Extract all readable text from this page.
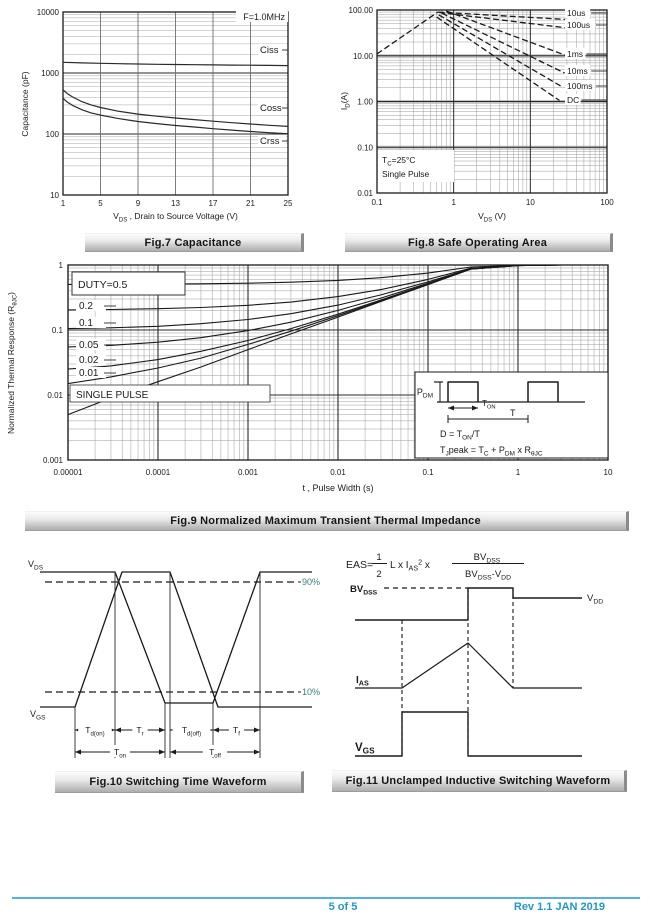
10000
1000
100
10
1	5	9	13	17	21	25
$V_{DS}$ , Drain to Source Voltage (V)
Capacitance (pF)
F=1.0MHz
Ciss
Coss
Crss
$T_C=25^\circ C$
Single Pulse
10us
100us
1ms
10ms
100ms
DC
100.00
10.00
1.00
0.10
0.01
0.1	1	10	100
$V_{DS}$ (V)
$I_D(A)$
DUTY=0.5
0.2
0.1
0.05
0.02
0.01
SINGLE PULSE	$P_{DM}$
$T_{ON}$
T
$D = T_{ON}/T$
$T_Jpeak = T_C + P_{DM}$ x $R_{\theta JC}$
1
0.1
0.01
0.001
0.00001	0.0001	0.001	0.01	0.1	1	10
t , Pulse Width (s)
Normalized Thermal Response $(R_{\theta JC})$
$T_{d(on)}$	$T_r$	$T_{d(off)}$	$T_f$
$T_{on}$	$T_{off}$
$V_{DS}$
$V_{GS}$
90%
10%
EAS=
1
2
L x $I_{AS}^2$ x
$BV_{DSS}$
$BV_{DSS}-V_{DD}$
$BV_{DSS}$	$V_{DD}$
$I_{AS}$
$V_{GS}$
Fig.7 Capacitance	Fig.8 Safe Operating Area
Fig.9 Normalized Maximum Transient Thermal Impedance
Fig.10 Switching Time Waveform	Fig.11 Unclamped Inductive Switching Waveform
5 of 5	Rev 1.1 JAN 2019
